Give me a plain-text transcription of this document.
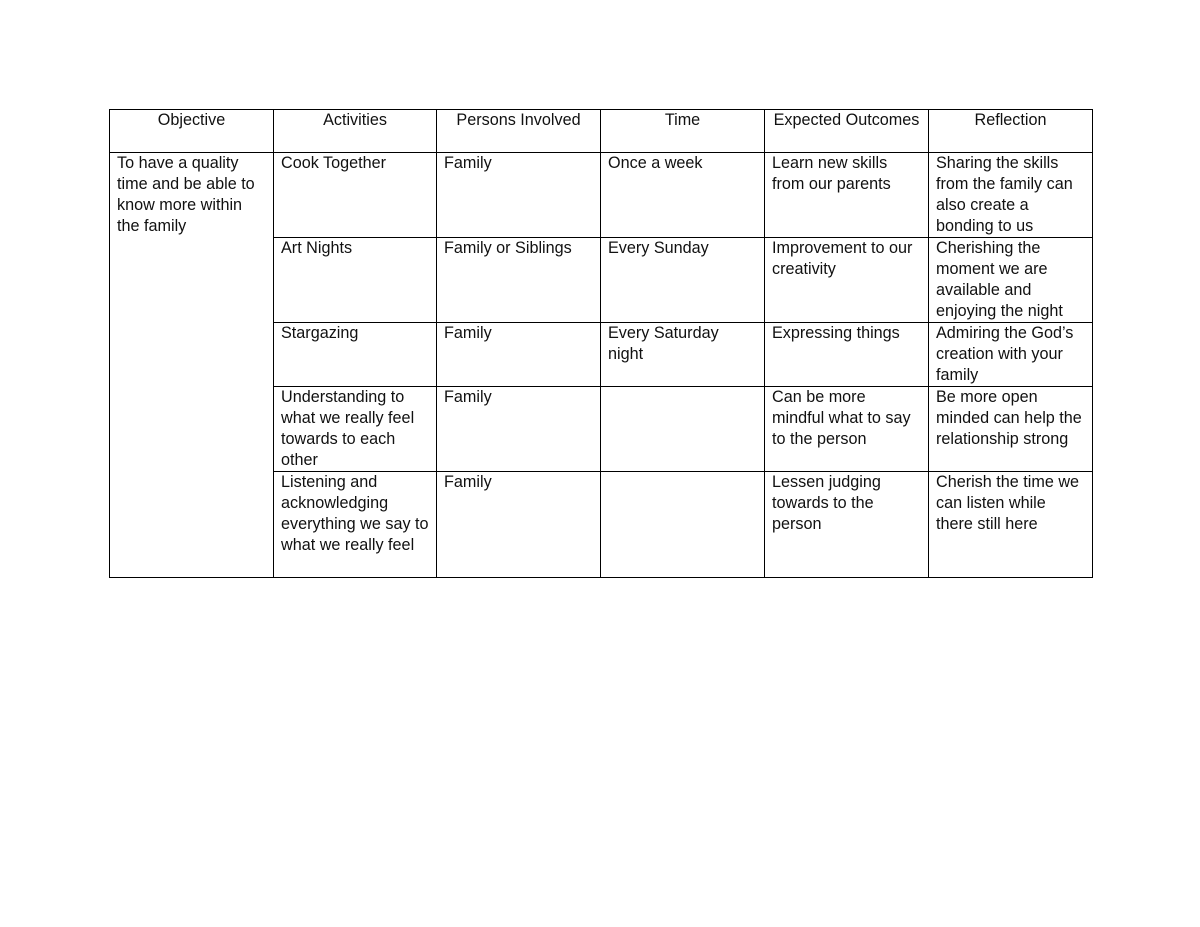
Objective	Activities	Persons Involved	Time	Expected Outcomes	Reflection
To have a quality time and be able to know more within the family	Cook Together	Family	Once a week	Learn new skills from our parents	Sharing the skills from the family can also create a bonding to us
	Art Nights	Family or Siblings	Every Sunday	Improvement to our creativity	Cherishing the moment we are available and enjoying the night
	Stargazing	Family	Every Saturday night	Expressing things	Admiring the God’s creation with your family
	Understanding to what we really feel towards to each other	Family		Can be more mindful what to say to the person	Be more open minded can help the relationship strong
	Listening and acknowledging everything we say to what we really feel	Family		Lessen judging towards to the person	Cherish the time we can listen while there still here
